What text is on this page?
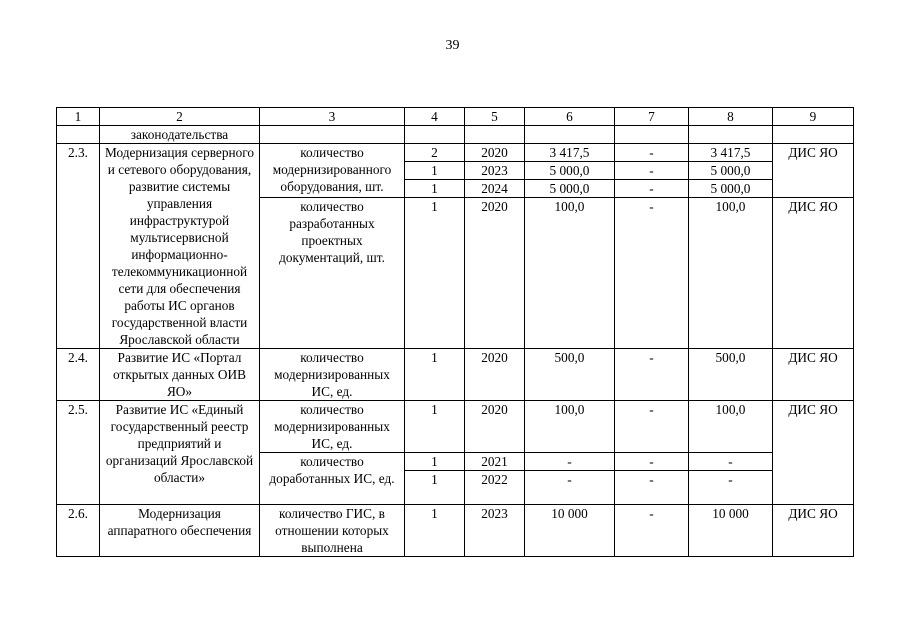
39
1	2	3	4	5	6	7	8	9
	законодательства							
2.3.	Модернизация серверного и сетевого оборудования, развитие системы управления инфраструктурой мультисервисной информационно-телекоммуникационной сети для обеспечения работы ИС органов государственной власти Ярославской области	количество модернизированного оборудования, шт.	2	2020	3 417,5	-	3 417,5	ДИС ЯО
			1	2023	5 000,0	-	5 000,0	
			1	2024	5 000,0	-	5 000,0	
		количество разработанных проектных документаций, шт.	1	2020	100,0	-	100,0	ДИС ЯО
2.4.	Развитие ИС «Портал открытых данных ОИВ ЯО»	количество модернизированных ИС, ед.	1	2020	500,0	-	500,0	ДИС ЯО
2.5.	Развитие ИС «Единый государственный реестр предприятий и организаций Ярославской области»	количество модернизированных ИС, ед.	1	2020	100,0	-	100,0	ДИС ЯО
		количество доработанных ИС, ед.	1	2021	-	-	-	
			1	2022	-	-	-	
2.6.	Модернизация аппаратного обеспечения	количество ГИС, в отношении которых выполнена	1	2023	10 000	-	10 000	ДИС ЯО
